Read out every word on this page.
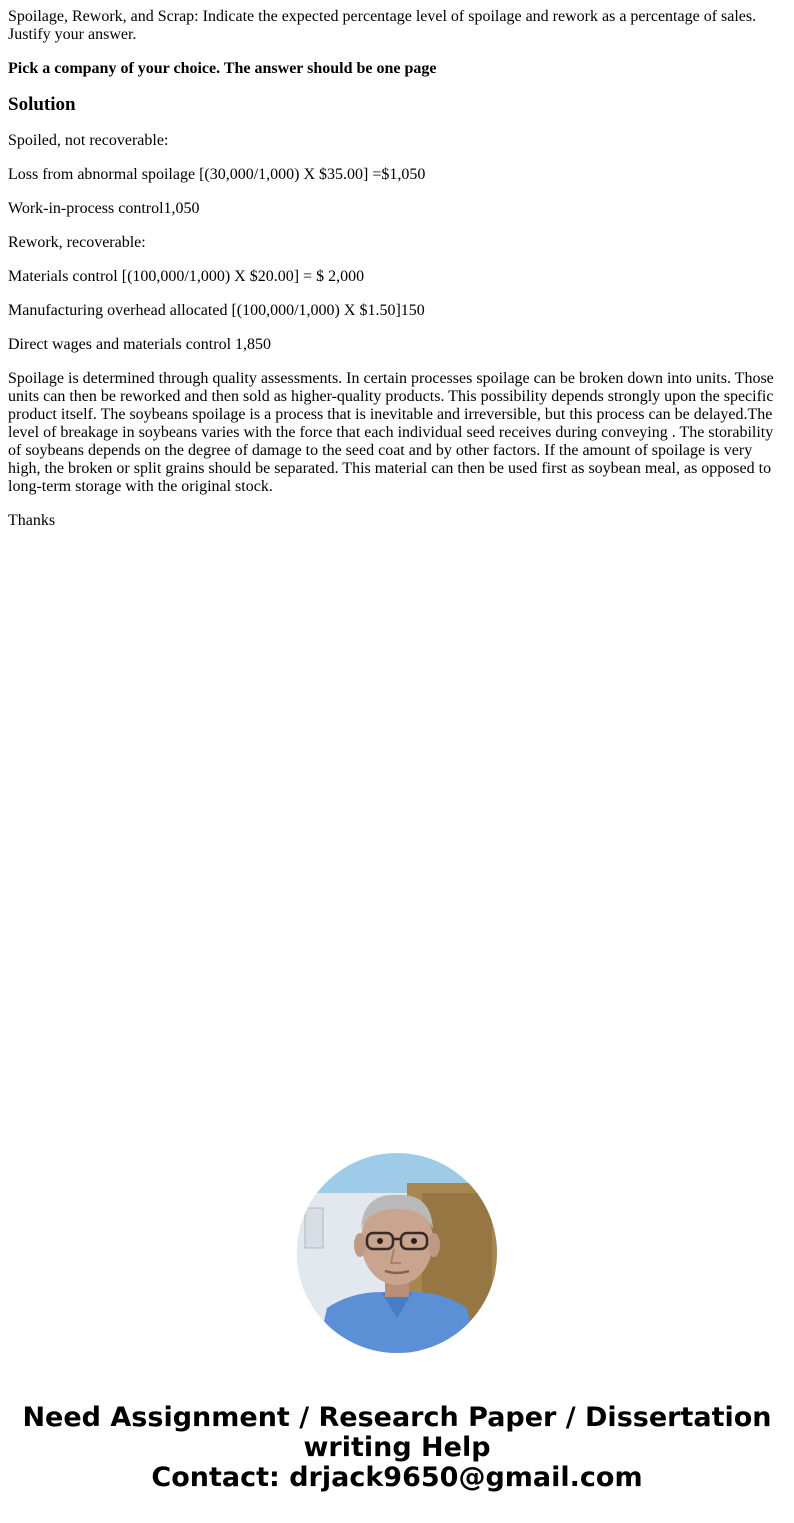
Spoilage, Rework, and Scrap: Indicate the expected percentage level of spoilage and rework as a percentage of sales. Justify your answer.

Pick a company of your choice. The answer should be one page

Solution

Spoiled, not recoverable:

Loss from abnormal spoilage [(30,000/1,000) X $35.00] =$1,050

Work-in-process control1,050

Rework, recoverable:

Materials control [(100,000/1,000) X $20.00] = $ 2,000

Manufacturing overhead allocated [(100,000/1,000) X $1.50]150

Direct wages and materials control 1,850

Spoilage is determined through quality assessments. In certain processes spoilage can be broken down into units. Those units can then be reworked and then sold as higher-quality products. This possibility depends strongly upon the specific product itself. The soybeans spoilage is a process that is inevitable and irreversible, but this process can be delayed.The level of breakage in soybeans varies with the force that each individual seed receives during conveying . The storability of soybeans depends on the degree of damage to the seed coat and by other factors. If the amount of spoilage is very high, the broken or split grains should be separated. This material can then be used first as soybean meal, as opposed to long-term storage with the original stock.

Thanks

Need Assignment / Research Paper / Dissertation
writing Help
Contact: drjack9650@gmail.com
